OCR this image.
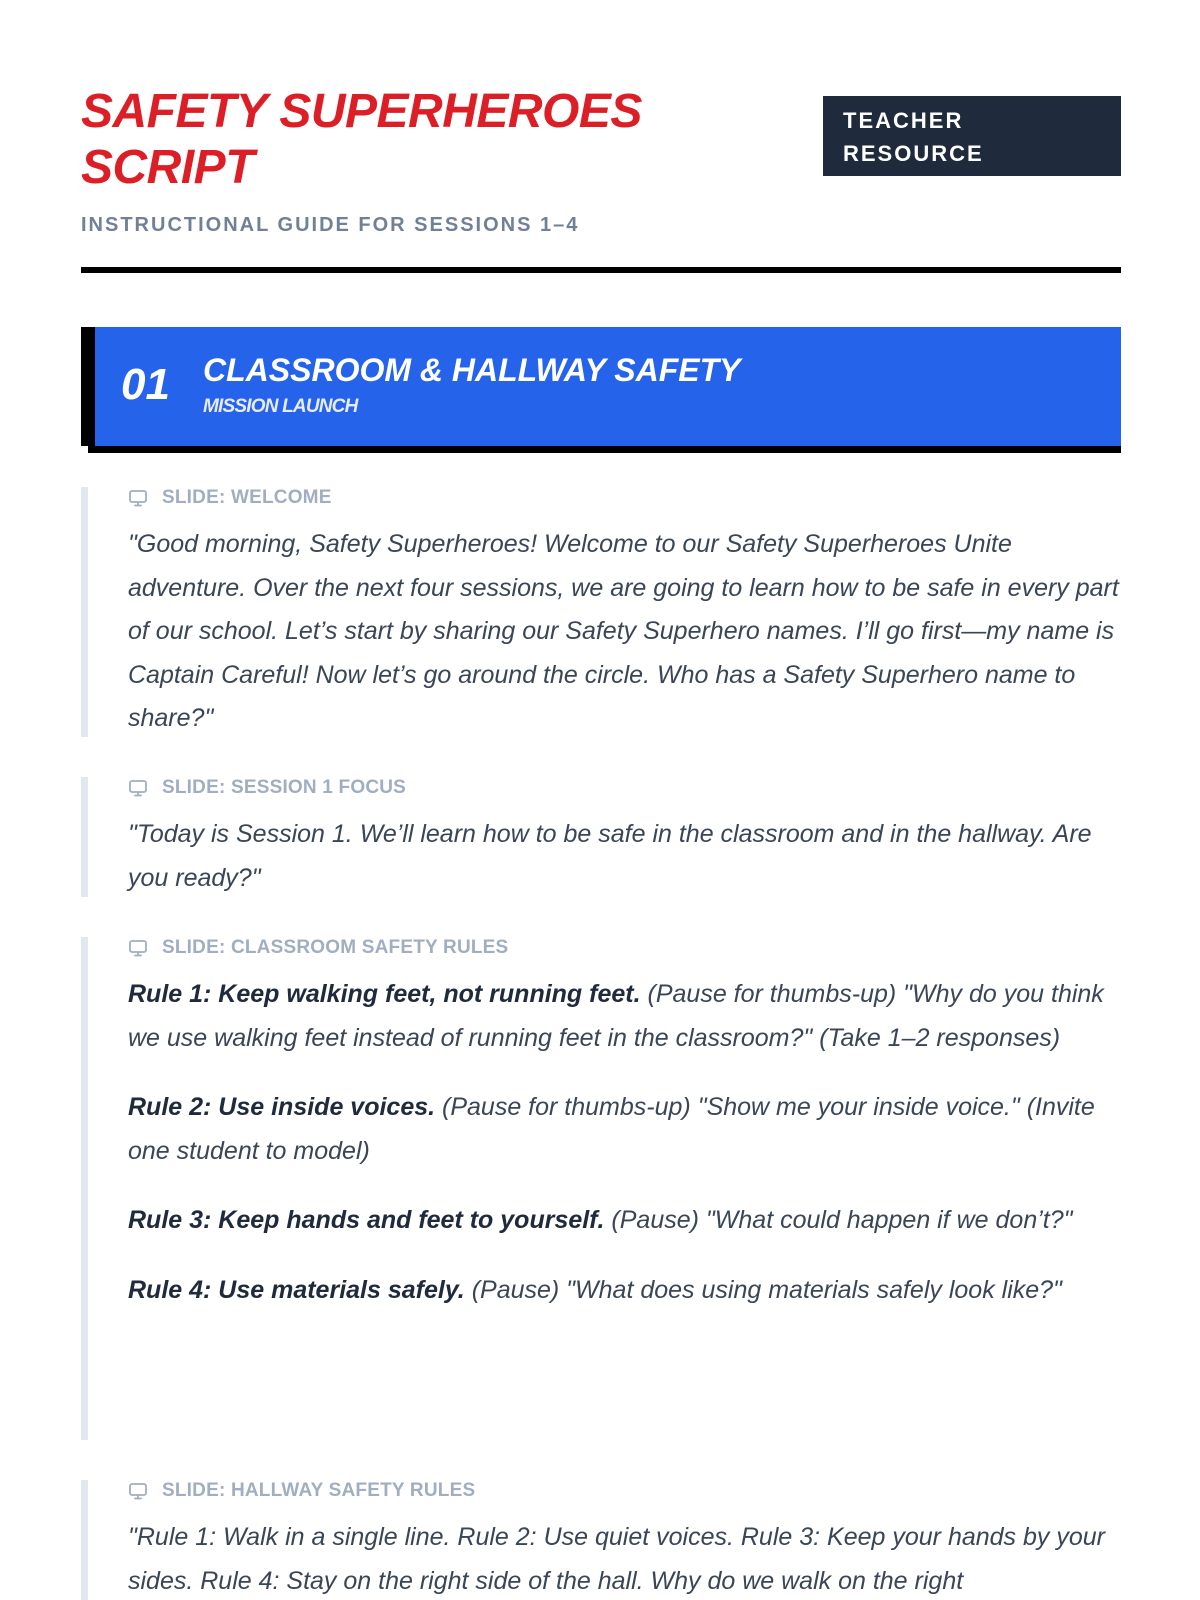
SAFETY SUPERHEROES SCRIPT
INSTRUCTIONAL GUIDE FOR SESSIONS 1–4
TEACHER RESOURCE
01 CLASSROOM & HALLWAY SAFETY
MISSION LAUNCH
SLIDE: WELCOME

"Good morning, Safety Superheroes! Welcome to our Safety Superheroes Unite adventure. Over the next four sessions, we are going to learn how to be safe in every part of our school. Let’s start by sharing our Safety Superhero names. I’ll go first—my name is Captain Careful! Now let’s go around the circle. Who has a Safety Superhero name to share?"

SLIDE: SESSION 1 FOCUS

"Today is Session 1. We’ll learn how to be safe in the classroom and in the hallway. Are you ready?"

SLIDE: CLASSROOM SAFETY RULES

Rule 1: Keep walking feet, not running feet. (Pause for thumbs-up) "Why do you think we use walking feet instead of running feet in the classroom?" (Take 1–2 responses)

Rule 2: Use inside voices. (Pause for thumbs-up) "Show me your inside voice." (Invite one student to model)

Rule 3: Keep hands and feet to yourself. (Pause) "What could happen if we don’t?"

Rule 4: Use materials safely. (Pause) "What does using materials safely look like?"

SLIDE: HALLWAY SAFETY RULES

"Rule 1: Walk in a single line. Rule 2: Use quiet voices. Rule 3: Keep your hands by your sides. Rule 4: Stay on the right side of the hall. Why do we walk on the right
